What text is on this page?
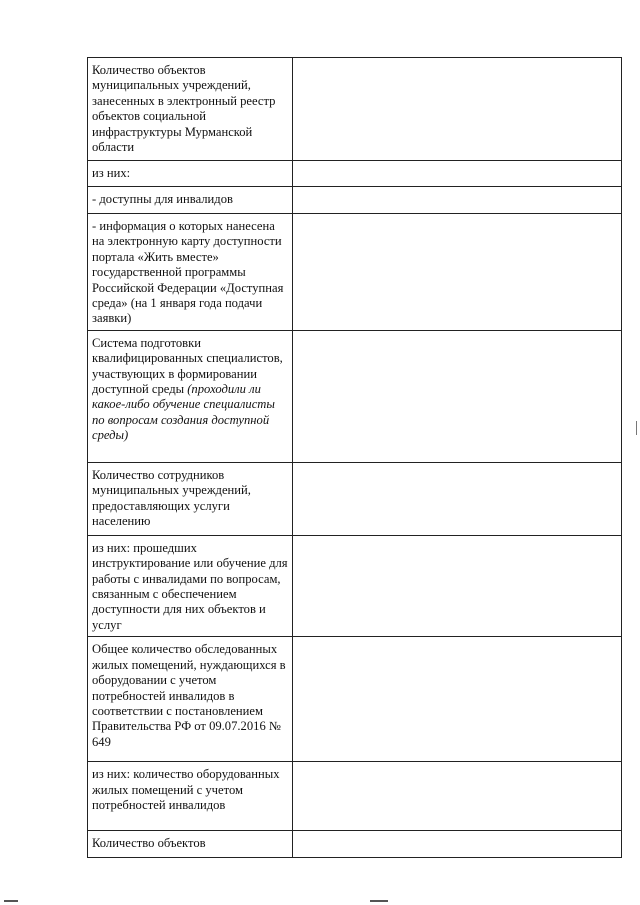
Количество объектов муниципальных учреждений, занесенных в электронный реестр объектов социальной инфраструктуры Мурманской области	
из них:	
- доступны для инвалидов	
- информация о которых нанесена на электронную карту доступности портала «Жить вместе» государственной программы Российской Федерации «Доступная среда» (на 1 января года подачи заявки)	
Система подготовки квалифицированных специалистов, участвующих в формировании доступной среды (проходили ли какое-либо обучение специалисты по вопросам создания доступной среды)	
Количество сотрудников муниципальных учреждений, предоставляющих услуги населению	
из них: прошедших инструктирование или обучение для работы с инвалидами по вопросам, связанным с обеспечением доступности для них объектов и услуг	
Общее количество обследованных жилых помещений, нуждающихся в оборудовании с учетом потребностей инвалидов в соответствии с постановлением Правительства РФ от 09.07.2016 № 649	
из них: количество оборудованных жилых помещений с учетом потребностей инвалидов	
Количество объектов	
